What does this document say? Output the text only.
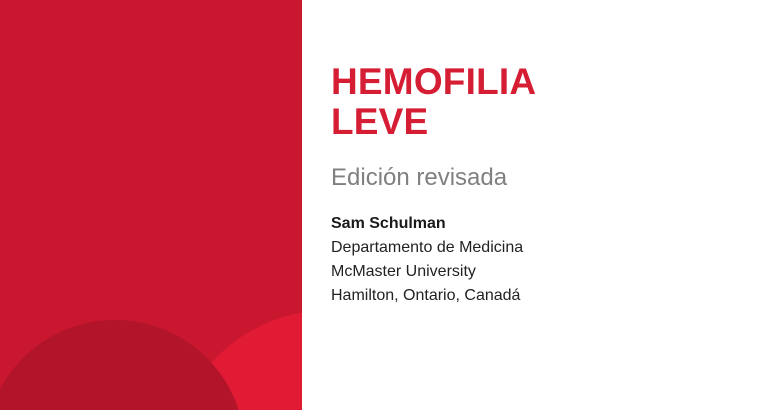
HEMOFILIA
LEVE
Edición revisada
Sam Schulman
Departamento de Medicina
McMaster University
Hamilton, Ontario, Canadá
